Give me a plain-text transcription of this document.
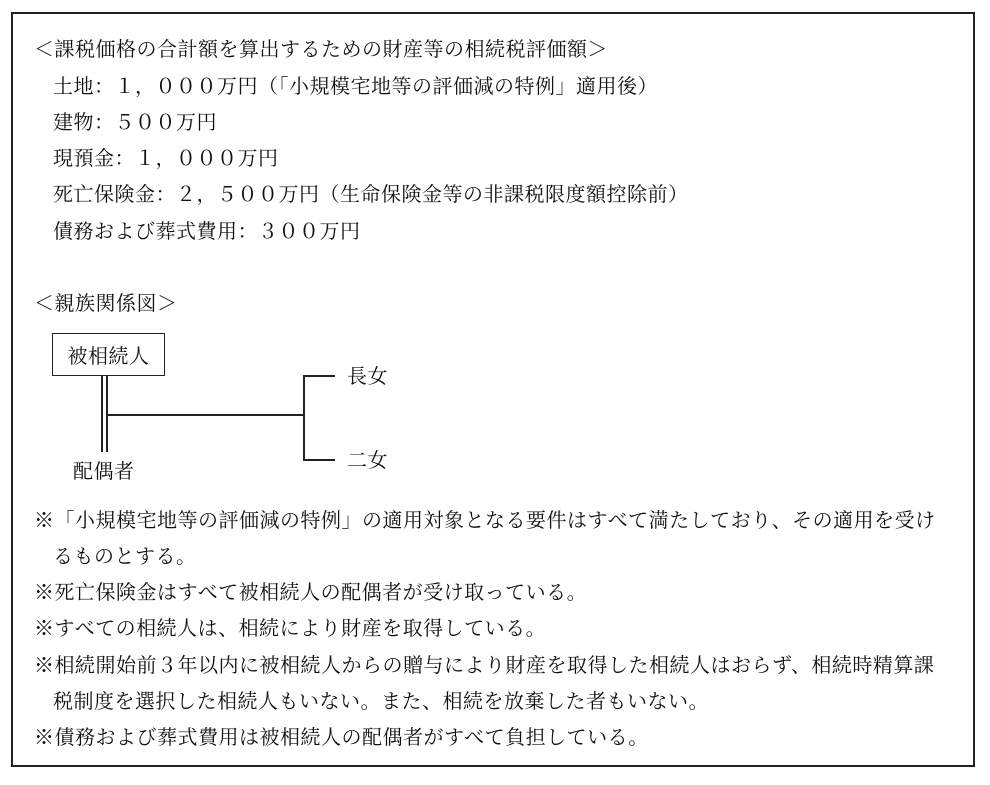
＜課税価格の合計額を算出するための財産等の相続税評価額＞
土地：１，０００万円（「小規模宅地等の評価減の特例」適用後）
建物：５００万円
現預金：１，０００万円
死亡保険金：２，５００万円（生命保険金等の非課税限度額控除前）
債務および葬式費用：３００万円
＜親族関係図＞
被相続人
長女
二女
配偶者
※「小規模宅地等の評価減の特例」の適用対象となる要件はすべて満たしており、その適用を受け
るものとする。
※死亡保険金はすべて被相続人の配偶者が受け取っている。
※すべての相続人は、相続により財産を取得している。
※相続開始前３年以内に被相続人からの贈与により財産を取得した相続人はおらず、相続時精算課
税制度を選択した相続人もいない。また、相続を放棄した者もいない。
※債務および葬式費用は被相続人の配偶者がすべて負担している。
